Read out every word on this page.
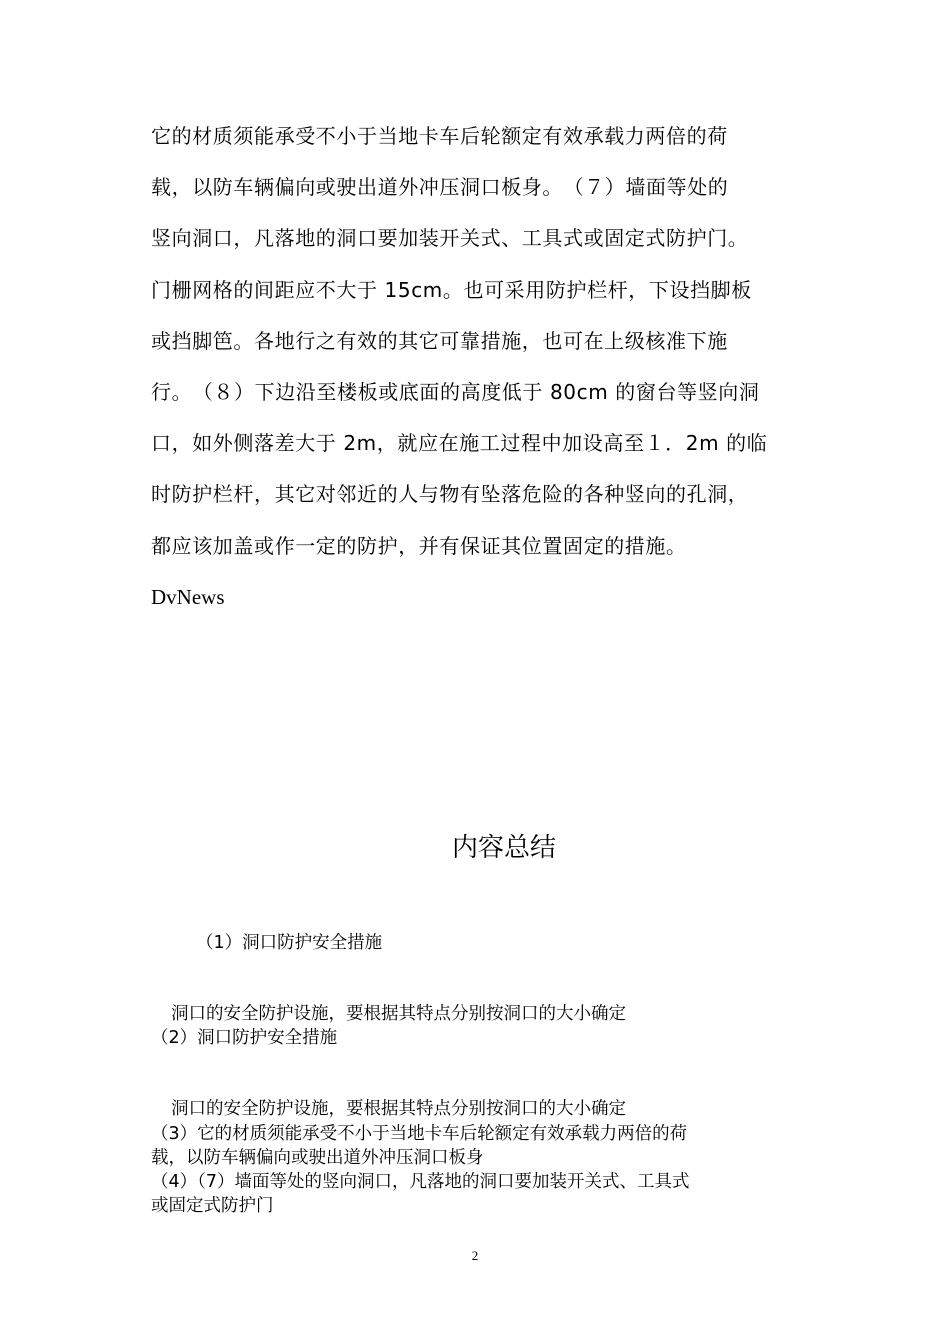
它的材质须能承受不小于当地卡车后轮额定有效承载力两倍的荷
载，以防车辆偏向或驶出道外冲压洞口板身。　（７）墙面等处的
竖向洞口，凡落地的洞口要加装开关式、工具式或固定式防护门。
门栅网格的间距应不大于 15cm。也可采用防护栏杆，下设挡脚板
或挡脚笆。各地行之有效的其它可靠措施，也可在上级核准下施
行。　（８）下边沿至楼板或底面的高度低于 80cm 的窗台等竖向洞
口，如外侧落差大于 2m，就应在施工过程中加设高至１．2m 的临
时防护栏杆，其它对邻近的人与物有坠落危险的各种竖向的孔洞，
都应该加盖或作一定的防护，并有保证其位置固定的措施。
DvNews
内容总结
（1）洞口防护安全措施
洞口的安全防护设施，要根据其特点分别按洞口的大小确定
（2）洞口防护安全措施
洞口的安全防护设施，要根据其特点分别按洞口的大小确定
（3）它的材质须能承受不小于当地卡车后轮额定有效承载力两倍的荷
载，以防车辆偏向或驶出道外冲压洞口板身
（4）（7）墙面等处的竖向洞口，凡落地的洞口要加装开关式、工具式
或固定式防护门
2
